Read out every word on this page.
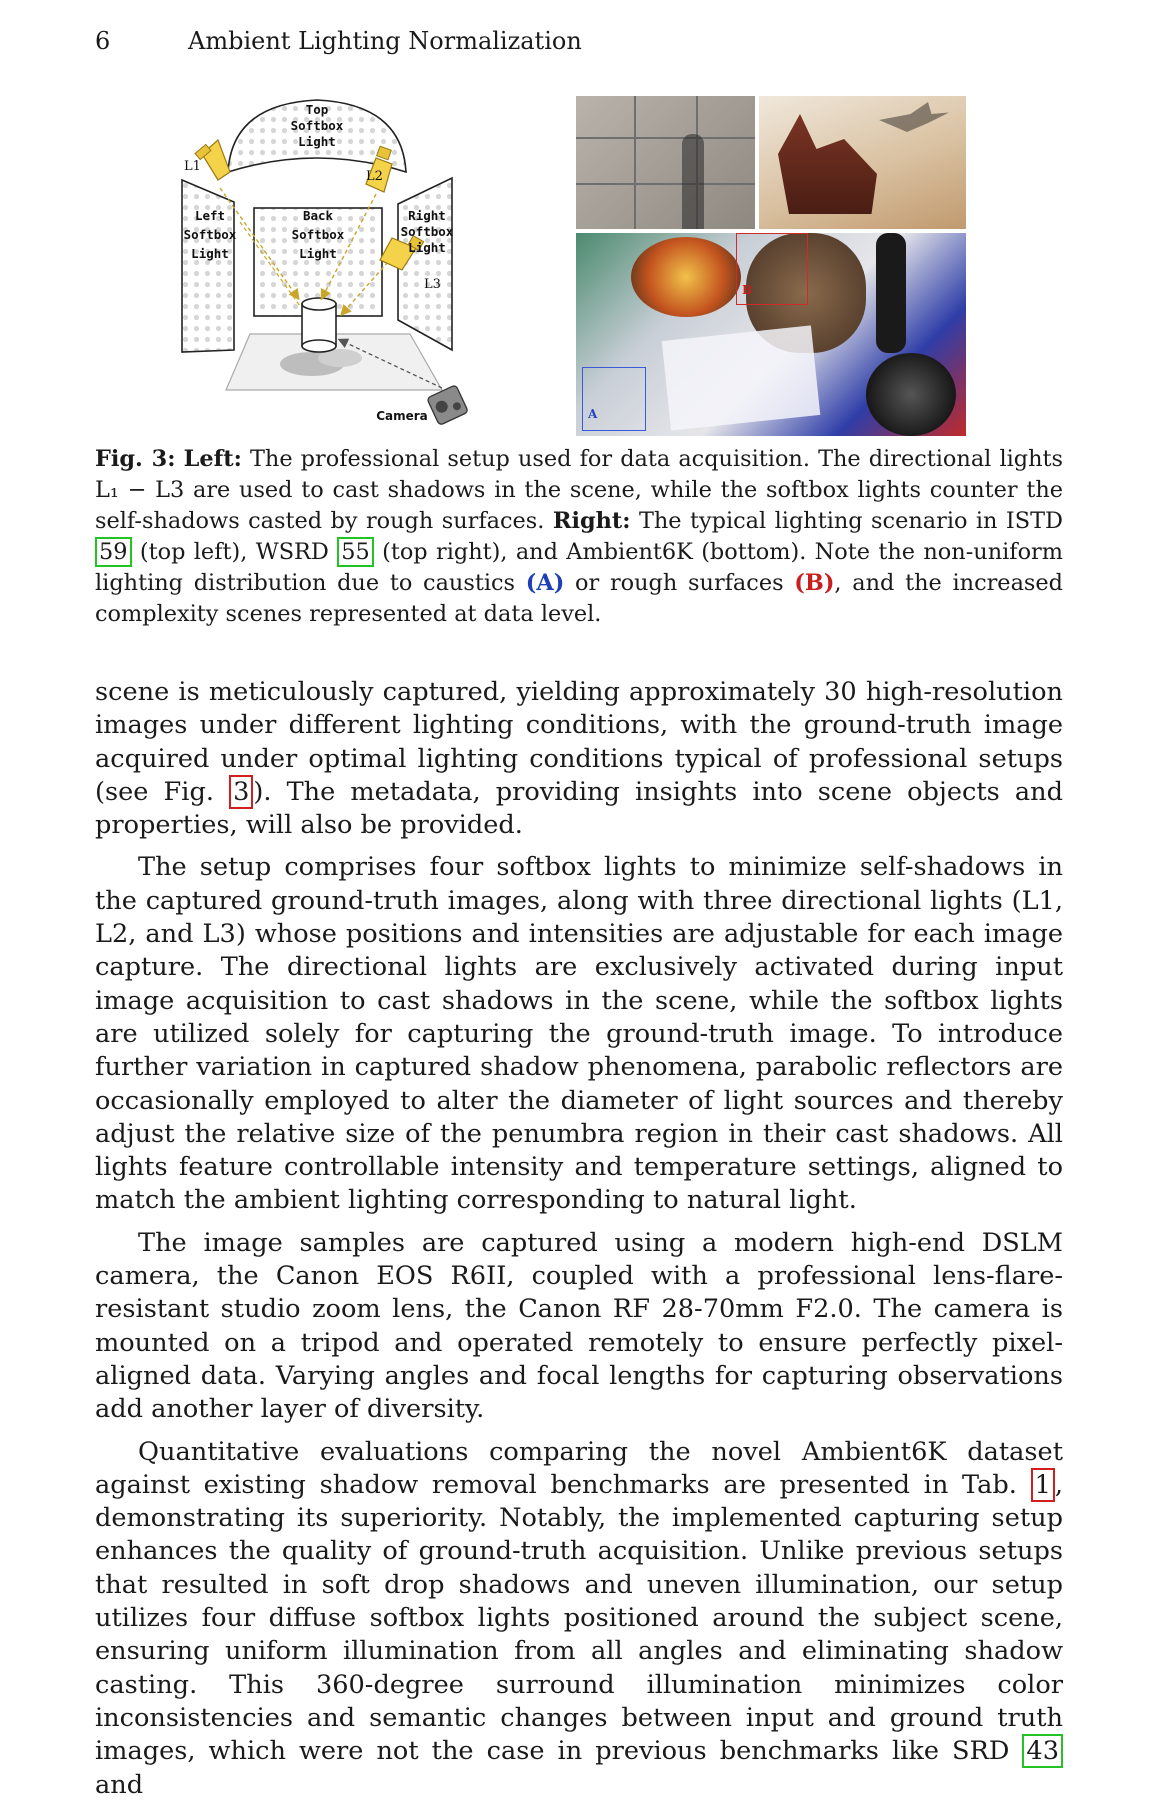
6	Ambient Lighting Normalization
Top
Softbox
Light
Left
Softbox
Light
Back
Softbox
Light
Right
Softbox
Light
L1
L2
L3
Camera	A
B
Fig. 3: Left: The professional setup used for data acquisition. The directional lights L₁ − L3 are used to cast shadows in the scene, while the softbox lights counter the self-shadows casted by rough surfaces. Right: The typical lighting scenario in ISTD 59 (top left), WSRD 55 (top right), and Ambient6K (bottom). Note the non-uniform lighting distribution due to caustics (A) or rough surfaces (B), and the increased complexity scenes represented at data level.

scene is meticulously captured, yielding approximately 30 high-resolution images under different lighting conditions, with the ground-truth image acquired under optimal lighting conditions typical of professional setups (see Fig. 3 ). The metadata, providing insights into scene objects and properties, will also be provided.

The setup comprises four softbox lights to minimize self-shadows in the captured ground-truth images, along with three directional lights (L1, L2, and L3) whose positions and intensities are adjustable for each image capture. The directional lights are exclusively activated during input image acquisition to cast shadows in the scene, while the softbox lights are utilized solely for capturing the ground-truth image. To introduce further variation in captured shadow phenomena, parabolic reflectors are occasionally employed to alter the diameter of light sources and thereby adjust the relative size of the penumbra region in their cast shadows. All lights feature controllable intensity and temperature settings, aligned to match the ambient lighting corresponding to natural light.

The image samples are captured using a modern high-end DSLM camera, the Canon EOS R6II, coupled with a professional lens-flare-resistant studio zoom lens, the Canon RF 28-70mm F2.0. The camera is mounted on a tripod and operated remotely to ensure perfectly pixel-aligned data. Varying angles and focal lengths for capturing observations add another layer of diversity.

Quantitative evaluations comparing the novel Ambient6K dataset against existing shadow removal benchmarks are presented in Tab. 1 , demonstrating its superiority. Notably, the implemented capturing setup enhances the quality of ground-truth acquisition. Unlike previous setups that resulted in soft drop shadows and uneven illumination, our setup utilizes four diffuse softbox lights positioned around the subject scene, ensuring uniform illumination from all angles and eliminating shadow casting. This 360-degree surround illumination minimizes color inconsistencies and semantic changes between input and ground truth images, which were not the case in previous benchmarks like SRD 43 and
